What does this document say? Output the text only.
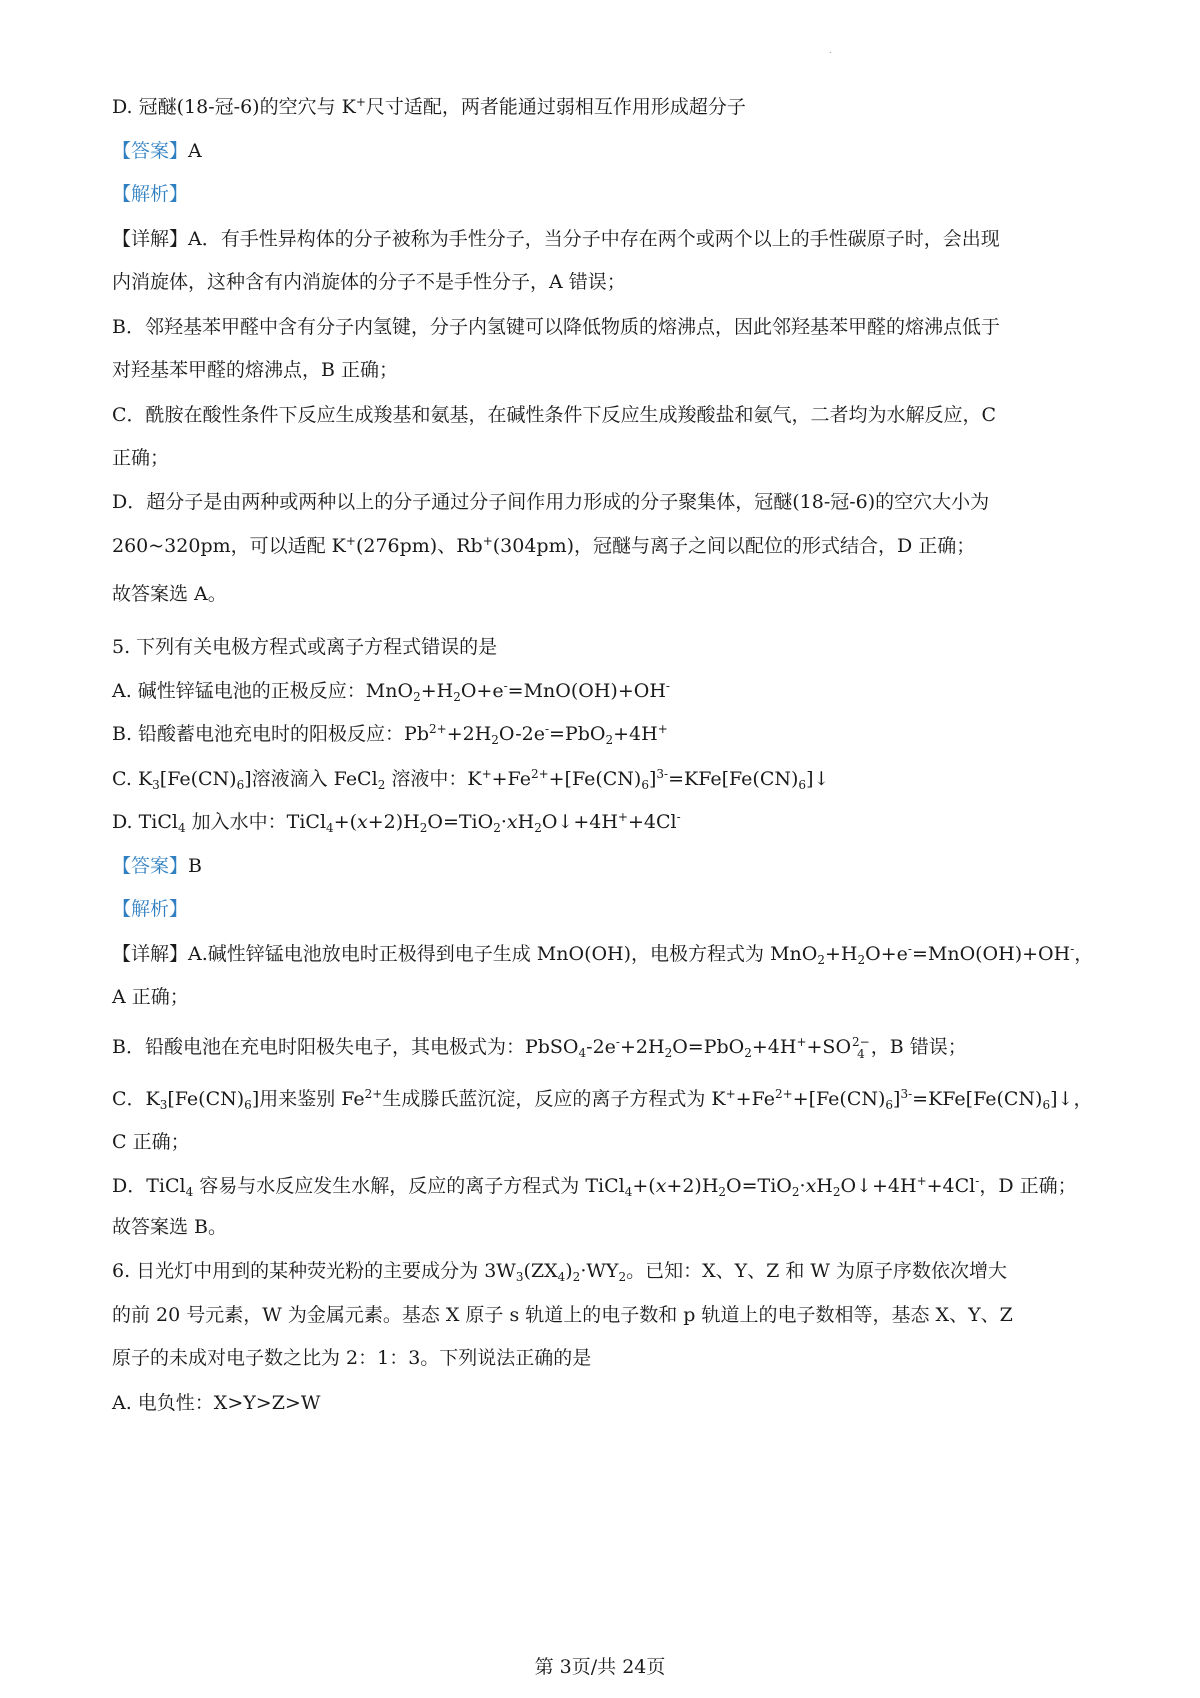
.
D. 冠醚(18-冠-6)的空穴与 K+尺寸适配，两者能通过弱相互作用形成超分子
【答案】A
【解析】
【详解】A．有手性异构体的分子被称为手性分子，当分子中存在两个或两个以上的手性碳原子时，会出现
内消旋体，这种含有内消旋体的分子不是手性分子，A 错误；
B．邻羟基苯甲醛中含有分子内氢键，分子内氢键可以降低物质的熔沸点，因此邻羟基苯甲醛的熔沸点低于
对羟基苯甲醛的熔沸点，B 正确；
C．酰胺在酸性条件下反应生成羧基和氨基，在碱性条件下反应生成羧酸盐和氨气，二者均为水解反应，C
正确；
D．超分子是由两种或两种以上的分子通过分子间作用力形成的分子聚集体，冠醚(18-冠-6)的空穴大小为
260~320pm，可以适配 K+(276pm)、Rb+(304pm)，冠醚与离子之间以配位的形式结合，D 正确；
故答案选 A。
5. 下列有关电极方程式或离子方程式错误的是
A. 碱性锌锰电池的正极反应：$MnO_2+H_2O+e^-=MnO(OH)+OH^-$
B. 铅酸蓄电池充电时的阳极反应：$Pb^{2+}+2H_2O-2e^-=PbO_2+4H^+$
C. $K_3[Fe(CN)_6]$溶液滴入 FeCl$_2$ 溶液中：$K^++Fe^{2+}+[Fe(CN)_6]^{3-}=KFe[Fe(CN)_6]↓$
D. TiCl$_4$ 加入水中：$TiCl_4+(x+2)H_2O=TiO_2\cdot xH_2O↓+4H^++4Cl^-$
【答案】B
【解析】
【详解】A.碱性锌锰电池放电时正极得到电子生成 MnO(OH)，电极方程式为 $MnO_2+H_2O+e^-=MnO(OH)+OH^-$，
A 正确；
B．铅酸电池在充电时阳极失电子，其电极式为：$PbSO_4-2e^-+2H_2O=PbO_2+4H^++SO$ 2−
4 ，B 错误；
C．$K_3[Fe(CN)_6]$用来鉴别 $Fe^{2+}$生成滕氏蓝沉淀，反应的离子方程式为 $K^++Fe^{2+}+[Fe(CN)_6]^{3-}=KFe[Fe(CN)_6]↓$，
C 正确；
D．TiCl$_4$ 容易与水反应发生水解，反应的离子方程式为 $TiCl_4+(x+2)H_2O=TiO_2\cdot xH_2O↓+4H^++4Cl^-$，D 正确；
故答案选 B。
6. 日光灯中用到的某种荧光粉的主要成分为 $3W_3(ZX_4)_2\cdot WY_2$。已知：X、Y、Z 和 W 为原子序数依次增大
的前 20 号元素，W 为金属元素。基态 X 原子 s 轨道上的电子数和 p 轨道上的电子数相等，基态 X、Y、Z
原子的未成对电子数之比为 2：1：3。下列说法正确的是
A. 电负性：X>Y>Z>W
第 3页/共 24页
